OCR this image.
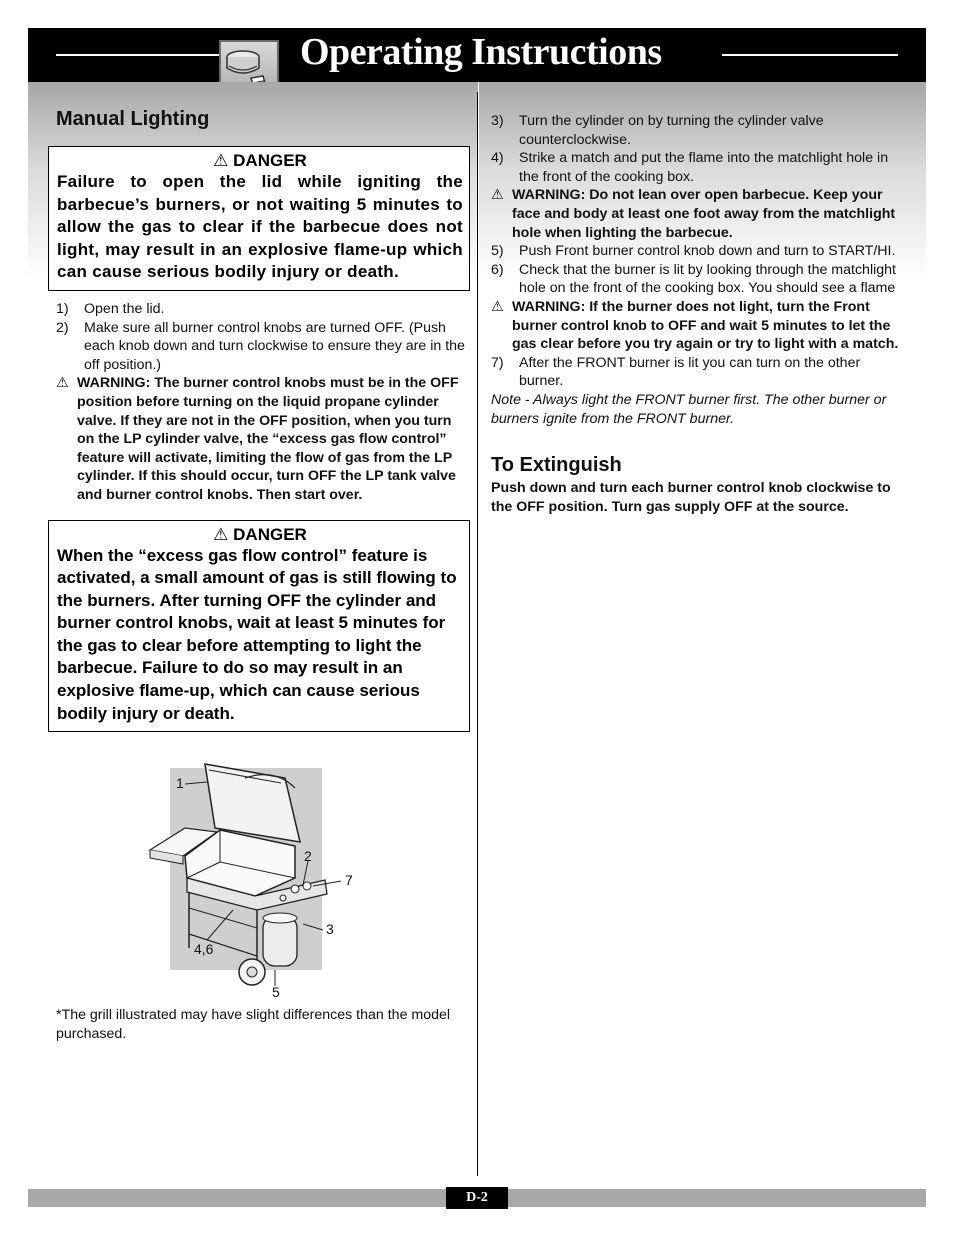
Operating Instructions
Manual Lighting
⚠ DANGER
Failure to open the lid while igniting the barbecue’s burners, or not waiting 5 minutes to allow the gas to clear if the barbecue does not light, may result in an explosive flame-up which can cause serious bodily injury or death.
1) Open the lid.
2) Make sure all burner control knobs are turned OFF. (Push each knob down and turn clockwise to ensure they are in the off position.)
⚠ WARNING: The burner control knobs must be in the OFF position before turning on the liquid propane cylinder valve. If they are not in the OFF position, when you turn on the LP cylinder valve, the “excess gas flow control” feature will activate, limiting the flow of gas from the LP cylinder. If this should occur, turn OFF the LP tank valve and burner control knobs. Then start over.
⚠ DANGER
When the “excess gas flow control” feature is activated, a small amount of gas is still flowing to the burners. After turning OFF the cylinder and burner control knobs, wait at least 5 minutes for the gas to clear before attempting to light the barbecue. Failure to do so may result in an explosive flame-up, which can cause serious bodily injury or death.
1
2
7
3
4,6
5
*The grill illustrated may have slight differences than the model purchased.
3) Turn the cylinder on by turning the cylinder valve counterclockwise.
4) Strike a match and put the flame into the matchlight hole in the front of the cooking box.
⚠ WARNING: Do not lean over open barbecue. Keep your face and body at least one foot away from the matchlight hole when lighting the barbecue.
5) Push Front burner control knob down and turn to START/HI.
6) Check that the burner is lit by looking through the matchlight hole on the front of the cooking box. You should see a flame
⚠ WARNING: If the burner does not light, turn the Front burner control knob to OFF and wait 5 minutes to let the gas clear before you try again or try to light with a match.
7) After the FRONT burner is lit you can turn on the other burner.
Note - Always light the FRONT burner first. The other burner or burners ignite from the FRONT burner.
To Extinguish
Push down and turn each burner control knob clockwise to the OFF position. Turn gas supply OFF at the source.
D-2
